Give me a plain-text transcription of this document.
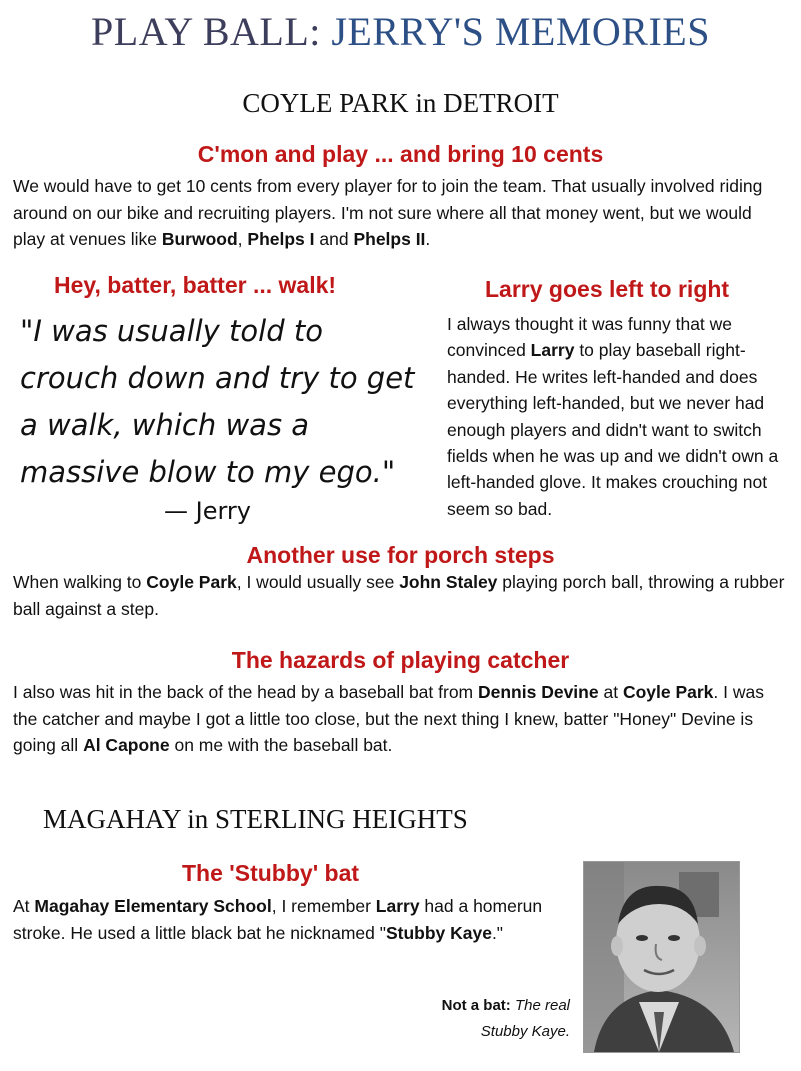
PLAY BALL: JERRY'S MEMORIES
COYLE PARK in DETROIT
C'mon and play ... and bring 10 cents
We would have to get 10 cents from every player for to join the team. That usually involved riding around on our bike and recruiting players. I'm not sure where all that money went, but we would play at venues like Burwood, Phelps I and Phelps II.
Hey, batter, batter ... walk!
"I was usually told to crouch down and try to get a walk, which was a massive blow to my ego."
— Jerry
Larry goes left to right
I always thought it was funny that we convinced Larry to play baseball right-handed. He writes left-handed and does everything left-handed, but we never had enough players and didn't want to switch fields when he was up and we didn't own a left-handed glove. It makes crouching not seem so bad.
Another use for porch steps
When walking to Coyle Park, I would usually see John Staley playing porch ball, throwing a rubber ball against a step.
The hazards of playing catcher
I also was hit in the back of the head by a baseball bat from Dennis Devine at Coyle Park. I was the catcher and maybe I got a little too close, but the next thing I knew, batter "Honey" Devine is going all Al Capone on me with the baseball bat.
MAGAHAY in STERLING HEIGHTS
The 'Stubby' bat
At Magahay Elementary School, I remember Larry had a homerun stroke. He used a little black bat he nicknamed "Stubby Kaye."
Not a bat: The real Stubby Kaye.
